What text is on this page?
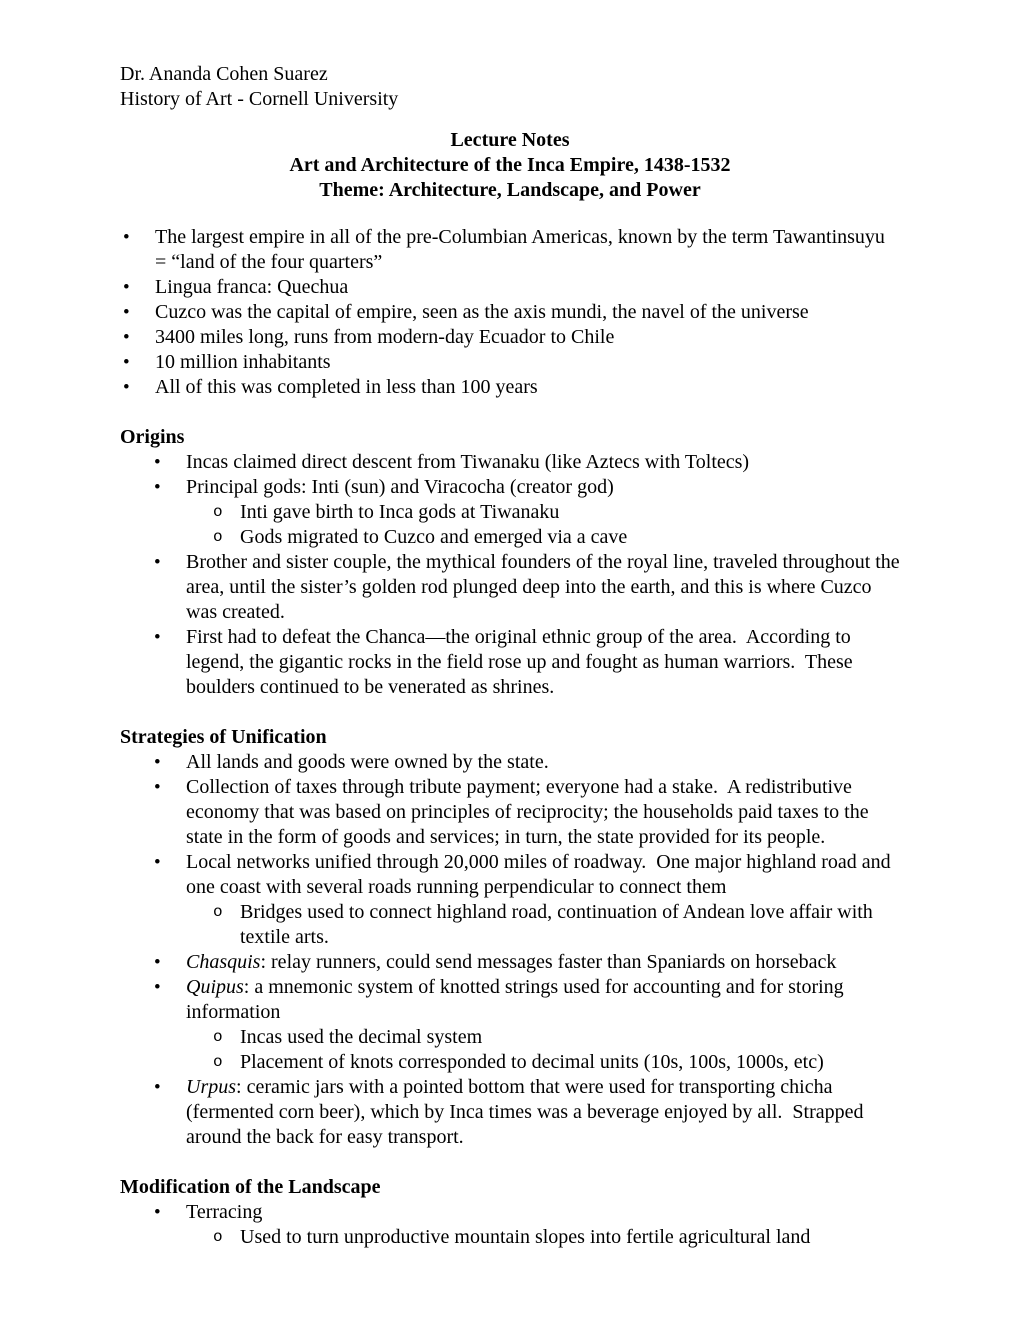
Dr. Ananda Cohen Suarez
History of Art - Cornell University
Lecture Notes
Art and Architecture of the Inca Empire, 1438-1532
Theme: Architecture, Landscape, and Power
• The largest empire in all of the pre-Columbian Americas, known by the term Tawantinsuyu = “land of the four quarters”
• Lingua franca: Quechua
• Cuzco was the capital of empire, seen as the axis mundi, the navel of the universe
• 3400 miles long, runs from modern-day Ecuador to Chile
• 10 million inhabitants
• All of this was completed in less than 100 years
Origins
• Incas claimed direct descent from Tiwanaku (like Aztecs with Toltecs)
• Principal gods: Inti (sun) and Viracocha (creator god)
o Inti gave birth to Inca gods at Tiwanaku
o Gods migrated to Cuzco and emerged via a cave
• Brother and sister couple, the mythical founders of the royal line, traveled throughout the area, until the sister’s golden rod plunged deep into the earth, and this is where Cuzco was created.
• First had to defeat the Chanca—the original ethnic group of the area.  According to legend, the gigantic rocks in the field rose up and fought as human warriors.  These boulders continued to be venerated as shrines.
Strategies of Unification
• All lands and goods were owned by the state.
• Collection of taxes through tribute payment; everyone had a stake.  A redistributive economy that was based on principles of reciprocity; the households paid taxes to the state in the form of goods and services; in turn, the state provided for its people.
• Local networks unified through 20,000 miles of roadway.  One major highland road and one coast with several roads running perpendicular to connect them
o Bridges used to connect highland road, continuation of Andean love affair with textile arts.
• Chasquis: relay runners, could send messages faster than Spaniards on horseback
• Quipus: a mnemonic system of knotted strings used for accounting and for storing information
o Incas used the decimal system
o Placement of knots corresponded to decimal units (10s, 100s, 1000s, etc)
• Urpus: ceramic jars with a pointed bottom that were used for transporting chicha (fermented corn beer), which by Inca times was a beverage enjoyed by all.  Strapped around the back for easy transport.
Modification of the Landscape
• Terracing
o Used to turn unproductive mountain slopes into fertile agricultural land
